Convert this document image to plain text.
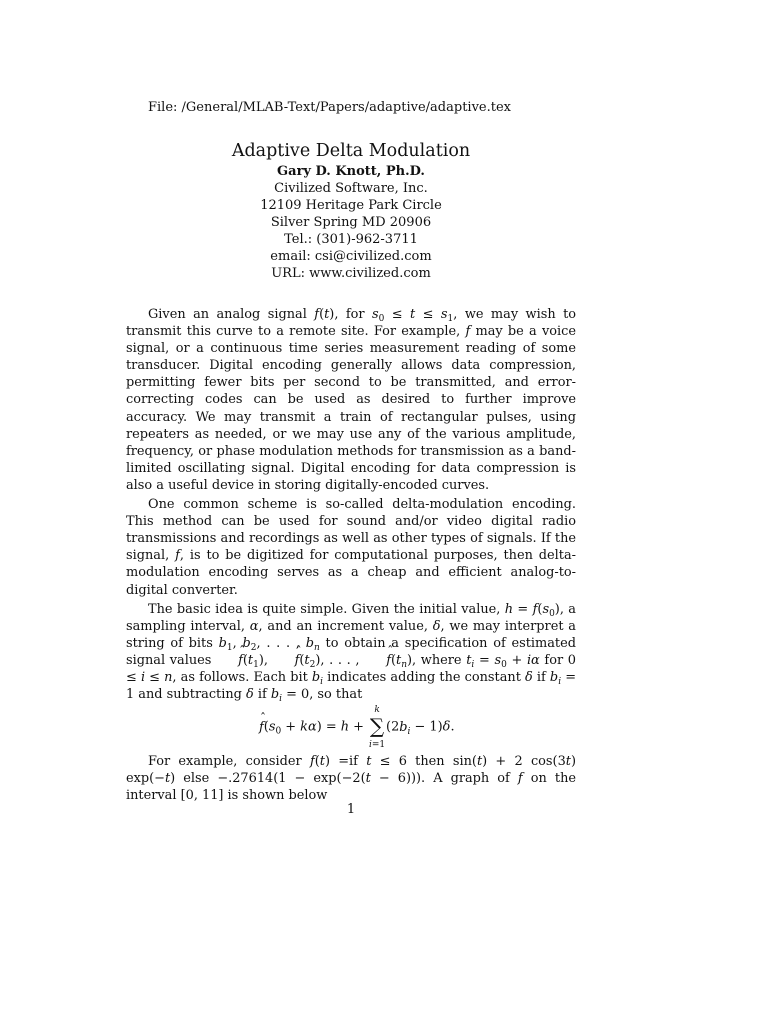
File: /General/MLAB-Text/Papers/adaptive/adaptive.tex
Adaptive Delta Modulation
Gary D. Knott, Ph.D.
Civilized Software, Inc.
12109 Heritage Park Circle
Silver Spring MD 20906
Tel.: (301)-962-3711
email: csi@civilized.com
URL: www.civilized.com

Given an analog signal f(t), for $s_0 \le t \le s_1$, we may wish to transmit this curve to a remote site. For example, f may be a voice signal, or a continuous time series measurement reading of some transducer. Digital encoding generally allows data compression, permitting fewer bits per second to be transmitted, and error-correcting codes can be used as desired to further improve accuracy. We may transmit a train of rectangular pulses, using repeaters as needed, or we may use any of the various amplitude, frequency, or phase modulation methods for transmission as a band-limited oscillating signal. Digital encoding for data compression is also a useful device in storing digitally-encoded curves.

One common scheme is so-called delta-modulation encoding. This method can be used for sound and/or video digital radio transmissions and recordings as well as other types of signals. If the signal, f, is to be digitized for computational purposes, then delta-modulation encoding serves as a cheap and efficient analog-to-digital converter.

The basic idea is quite simple. Given the initial value, $h = f(s_0)$, a sampling interval, α, and an increment value, δ, we may interpret a string of bits $b_1$, $b_2$, . . . , $b_n$ to obtain a specification of estimated signal values ˆ $f(t_1)$, ˆ $f(t_2)$, . . . , ˆ $f(t_n)$, where $t_i = s_0 + i\alpha$ for 0 ≤ i ≤ n, as follows. Each bit $b_i$ indicates adding the constant δ if $b_i = 1$ and subtracting δ if $b_i = 0$, so that

ˆ $f(s_0 + k\alpha) = h$ +
k
∑
i=1
$(2b_i - 1)\delta$.

For example, consider f(t) =if t ≤ 6 then sin(t) + 2 cos(3t) exp(−t) else −.27614(1 − exp(−2(t − 6))). A graph of f on the interval [0, 11] is shown below

1
